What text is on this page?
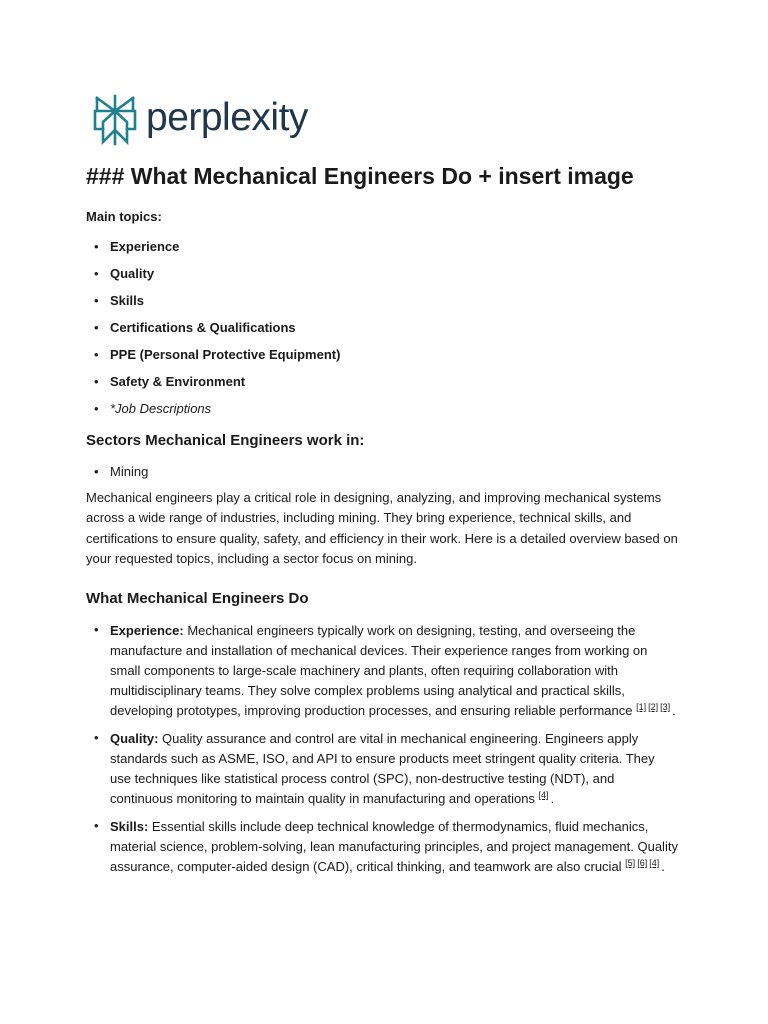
perplexity
### What Mechanical Engineers Do + insert image
Main topics:
• Experience
• Quality
• Skills
• Certifications & Qualifications
• PPE (Personal Protective Equipment)
• Safety & Environment
• *Job Descriptions
Sectors Mechanical Engineers work in:
• Mining

Mechanical engineers play a critical role in designing, analyzing, and improving mechanical systems across a wide range of industries, including mining. They bring experience, technical skills, and certifications to ensure quality, safety, and efficiency in their work. Here is a detailed overview based on your requested topics, including a sector focus on mining.

What Mechanical Engineers Do
• Experience: Mechanical engineers typically work on designing, testing, and overseeing the manufacture and installation of mechanical devices. Their experience ranges from working on small components to large-scale machinery and plants, often requiring collaboration with multidisciplinary teams. They solve complex problems using analytical and practical skills, developing prototypes, improving production processes, and ensuring reliable performance [1] [2] [3] .
• Quality: Quality assurance and control are vital in mechanical engineering. Engineers apply standards such as ASME, ISO, and API to ensure products meet stringent quality criteria. They use techniques like statistical process control (SPC), non-destructive testing (NDT), and continuous monitoring to maintain quality in manufacturing and operations [4] .
• Skills: Essential skills include deep technical knowledge of thermodynamics, fluid mechanics, material science, problem-solving, lean manufacturing principles, and project management. Quality assurance, computer-aided design (CAD), critical thinking, and teamwork are also crucial [5] [6] [4] .
